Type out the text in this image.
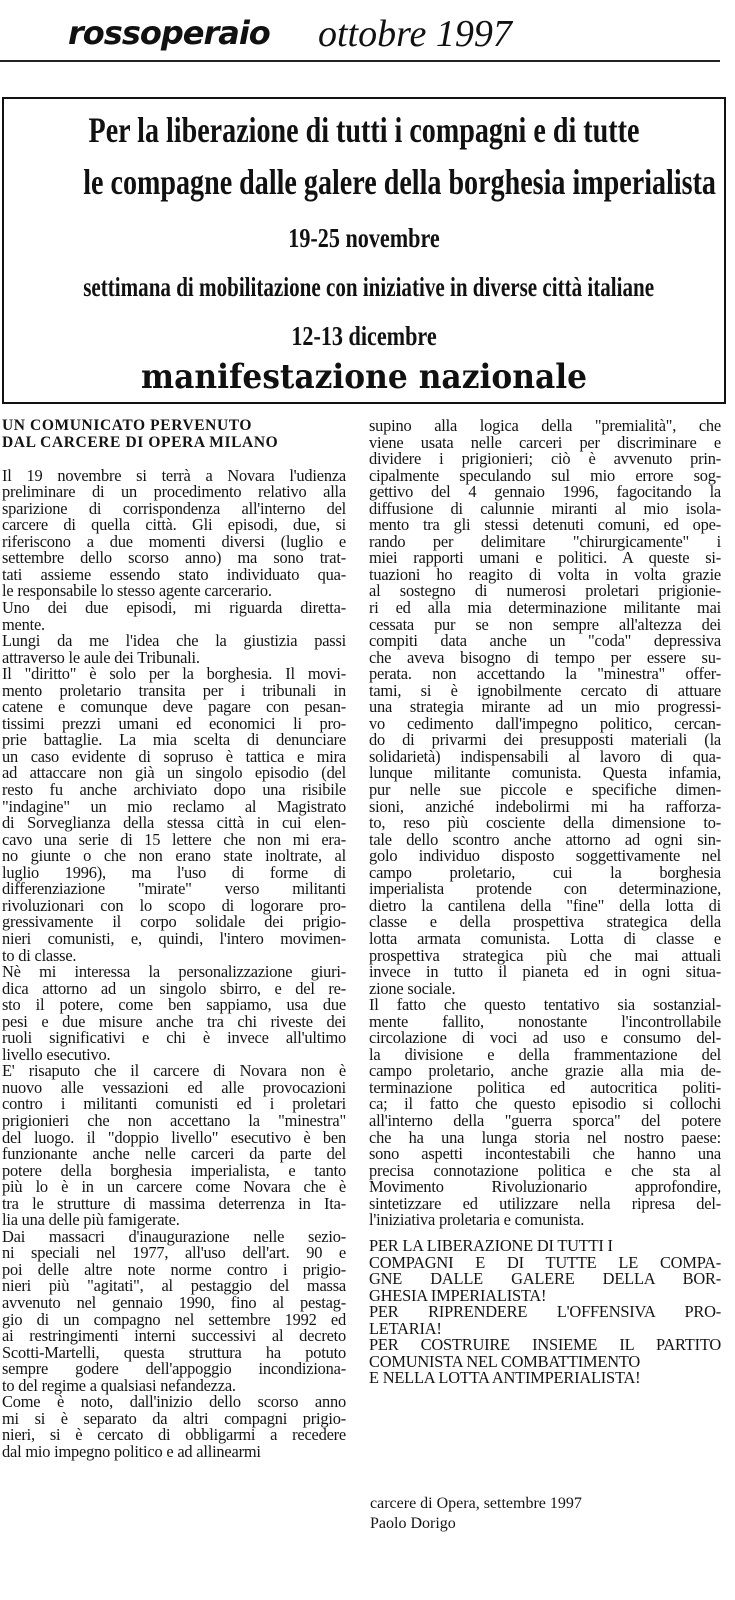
rossoperaio ottobre 1997
Per la liberazione di tutti i compagni e di tutte
le compagne dalle galere della borghesia imperialista
19-25 novembre
settimana di mobilitazione con iniziative in diverse città italiane
12-13 dicembre
manifestazione nazionale
UN COMUNICATO PERVENUTO
DAL CARCERE DI OPERA MILANO

Il 19 novembre si terrà a Novara l'udienza
preliminare di un procedimento relativo alla
sparizione di corrispondenza all'interno del
carcere di quella città. Gli episodi, due, si
riferiscono a due momenti diversi (luglio e
settembre dello scorso anno) ma sono trat-
tati assieme essendo stato individuato qua-
le responsabile lo stesso agente carcerario.
Uno dei due episodi, mi riguarda direttа-
mente.
Lungi da me l'idea che la giustizia passi
attraverso le aule dei Tribunali.
Il "diritto" è solo per la borghesia. Il movi-
mento proletario transita per i tribunali in
catene e comunque deve pagare con pesan-
tissimi prezzi umani ed economici li pro-
prie battaglie. La mia scelta di denunciare
un caso evidente di sopruso è tattica e mira
ad attaccare non già un singolo episodio (del
resto fu anche archiviato dopo una risibile
"indagine" un mio reclamo al Magistrato
di Sorveglianza della stessa città in cui elen-
cavo una serie di 15 lettere che non mi era-
no giunte o che non erano state inoltrate, al
luglio 1996), ma l'uso di forme di
differenziazione "mirate" verso militanti
rivoluzionari con lo scopo di logorare pro-
gressivamente il corpo solidale dei prigio-
nieri comunisti, e, quindi, l'intero movimen-
to di classe.
Nè mi interessa la personalizzazione giuri-
dica attorno ad un singolo sbirro, e del re-
sto il potere, come ben sappiamo, usa due
pesi e due misure anche tra chi riveste dei
ruoli significativi e chi è invece all'ultimo
livello esecutivo.
E' risaputo che il carcere di Novara non è
nuovo alle vessazioni ed alle provocazioni
contro i militanti comunisti ed i proletari
prigionieri che non accettano la "minestra"
del luogo. il "doppio livello" esecutivo è ben
funzionante anche nelle carceri da parte del
potere della borghesia imperialista, e tanto
più lo è in un carcere come Novara che è
tra le strutture di massima deterrenza in Ita-
lia una delle più famigerate.
Dai massacri d'inaugurazione nelle sezio-
ni speciali nel 1977, all'uso dell'art. 90 e
poi delle altre note norme contro i prigio-
nieri più "agitati", al pestaggio del massa
avvenuto nel gennaio 1990, fino al pestag-
gio di un compagno nel settembre 1992 ed
ai restringimenti interni successivi al decreto
Scotti-Martelli, questa struttura ha potuto
sempre godere dell'appoggio incondiziona-
to del regime a qualsiasi nefandezza.
Come è noto, dall'inizio dello scorso anno
mi si è separato da altri compagni prigio-
nieri, si è cercato di obbligarmi a recedere
dal mio impegno politico e ad allinearmi
supino alla logica della "premialità", che
viene usata nelle carceri per discriminare e
dividere i prigionieri; ciò è avvenuto prin-
cipalmente speculando sul mio errore sog-
gettivo del 4 gennaio 1996, fagocitando la
diffusione di calunnie miranti al mio isola-
mento tra gli stessi detenuti comuni, ed ope-
rando per delimitare "chirurgicamente" i
miei rapporti umani e politici. A queste si-
tuazioni ho reagito di volta in volta grazie
al sostegno di numerosi proletari prigionie-
ri ed alla mia determinazione militante mai
cessata pur se non sempre all'altezza dei
compiti data anche un "coda" depressiva
che aveva bisogno di tempo per essere su-
perata. non accettando la "minestra" offer-
tami, si è ignobilmente cercato di attuare
una strategia mirante ad un mio progressi-
vo cedimento dall'impegno politico, cercan-
do di privarmi dei presupposti materiali (la
solidarietà) indispensabili al lavoro di qua-
lunque militante comunista. Questa infamia,
pur nelle sue piccole e specifiche dimen-
sioni, anziché indebolirmi mi ha rafforza-
to, reso più cosciente della dimensione to-
tale dello scontro anche attorno ad ogni sin-
golo individuo disposto soggettivamente nel
campo proletario, cui la borghesia
imperialista protende con determinazione,
dietro la cantilena della "fine" della lotta di
classe e della prospettiva strategica della
lotta armata comunista. Lotta di classe e
prospettiva strategica più che mai attuali
invece in tutto il pianeta ed in ogni situa-
zione sociale.
Il fatto che questo tentativo sia sostanzial-
mente fallito, nonostante l'incontrollabile
circolazione di voci ad uso e consumo del-
la divisione e della frammentazione del
campo proletario, anche grazie alla mia de-
terminazione politica ed autocritica politi-
ca; il fatto che questo episodio si collochi
all'interno della "guerra sporca" del potere
che ha una lunga storia nel nostro paese:
sono aspetti incontestabili che hanno una
precisa connotazione politica e che sta al
Movimento Rivoluzionario approfondire,
sintetizzare ed utilizzare nella ripresa del-
l'iniziativa proletaria e comunista.
PER LA LIBERAZIONE DI TUTTI I
COMPAGNI E DI TUTTE LE COMPA-
GNE DALLE GALERE DELLA BOR-
GHESIA IMPERIALISTA!
PER RIPRENDERE L'OFFENSIVA PRO-
LETARIA!
PER COSTRUIRE INSIEME IL PARTITO
COMUNISTA NEL COMBATTIMENTO
E NELLA LOTTA ANTIMPERIALISTA!
carcere di Opera, settembre 1997
Paolo Dorigo
